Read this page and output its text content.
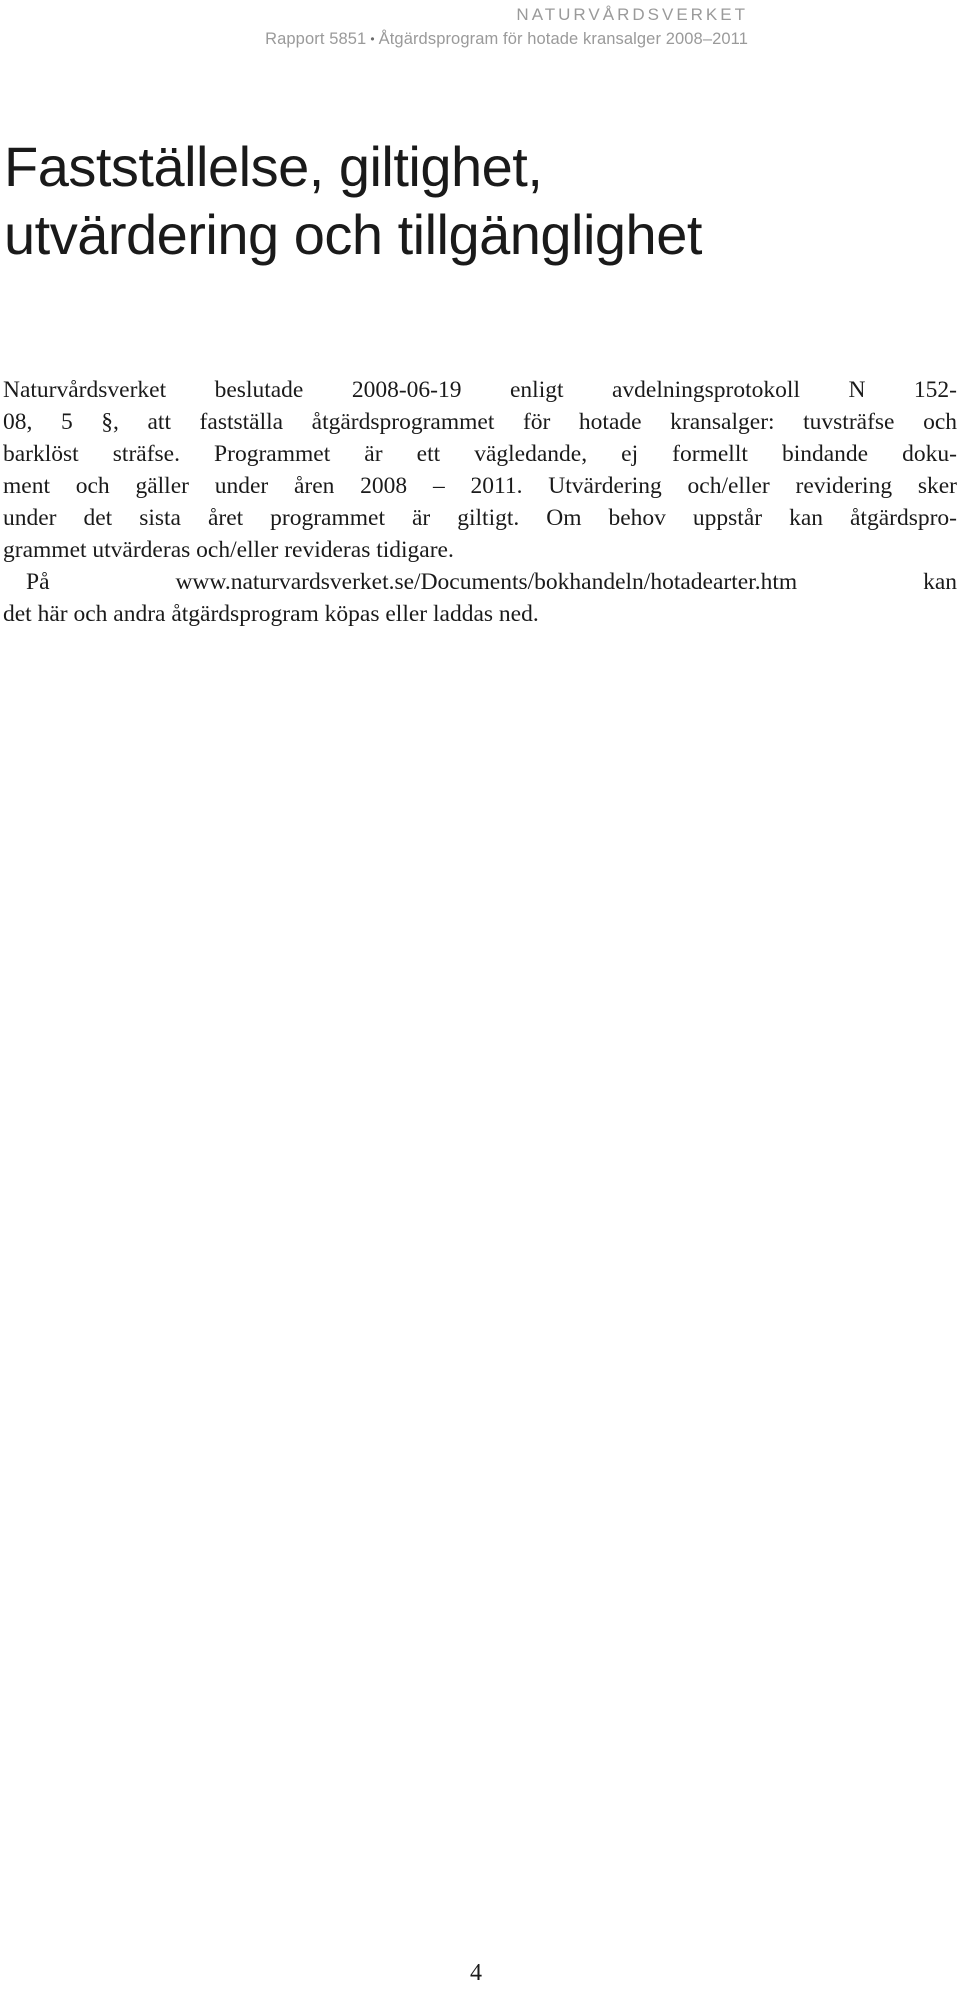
NATURVÅRDSVERKET
Rapport 5851 • Åtgärdsprogram för hotade kransalger 2008–2011
Fastställelse, giltighet,
utvärdering och tillgänglighet
Naturvårdsverket beslutade 2008-06-19 enligt avdelningsprotokoll N 152-
08, 5 §, att fastställa åtgärdsprogrammet för hotade kransalger: tuvsträfse och
barklöst sträfse. Programmet är ett vägledande, ej formellt bindande doku-
ment och gäller under åren 2008 – 2011. Utvärdering och/eller revidering sker
under det sista året programmet är giltigt. Om behov uppstår kan åtgärdspro-
grammet utvärderas och/eller revideras tidigare.
På www.naturvardsverket.se/Documents/bokhandeln/hotadearter.htm kan
det här och andra åtgärdsprogram köpas eller laddas ned.
4
